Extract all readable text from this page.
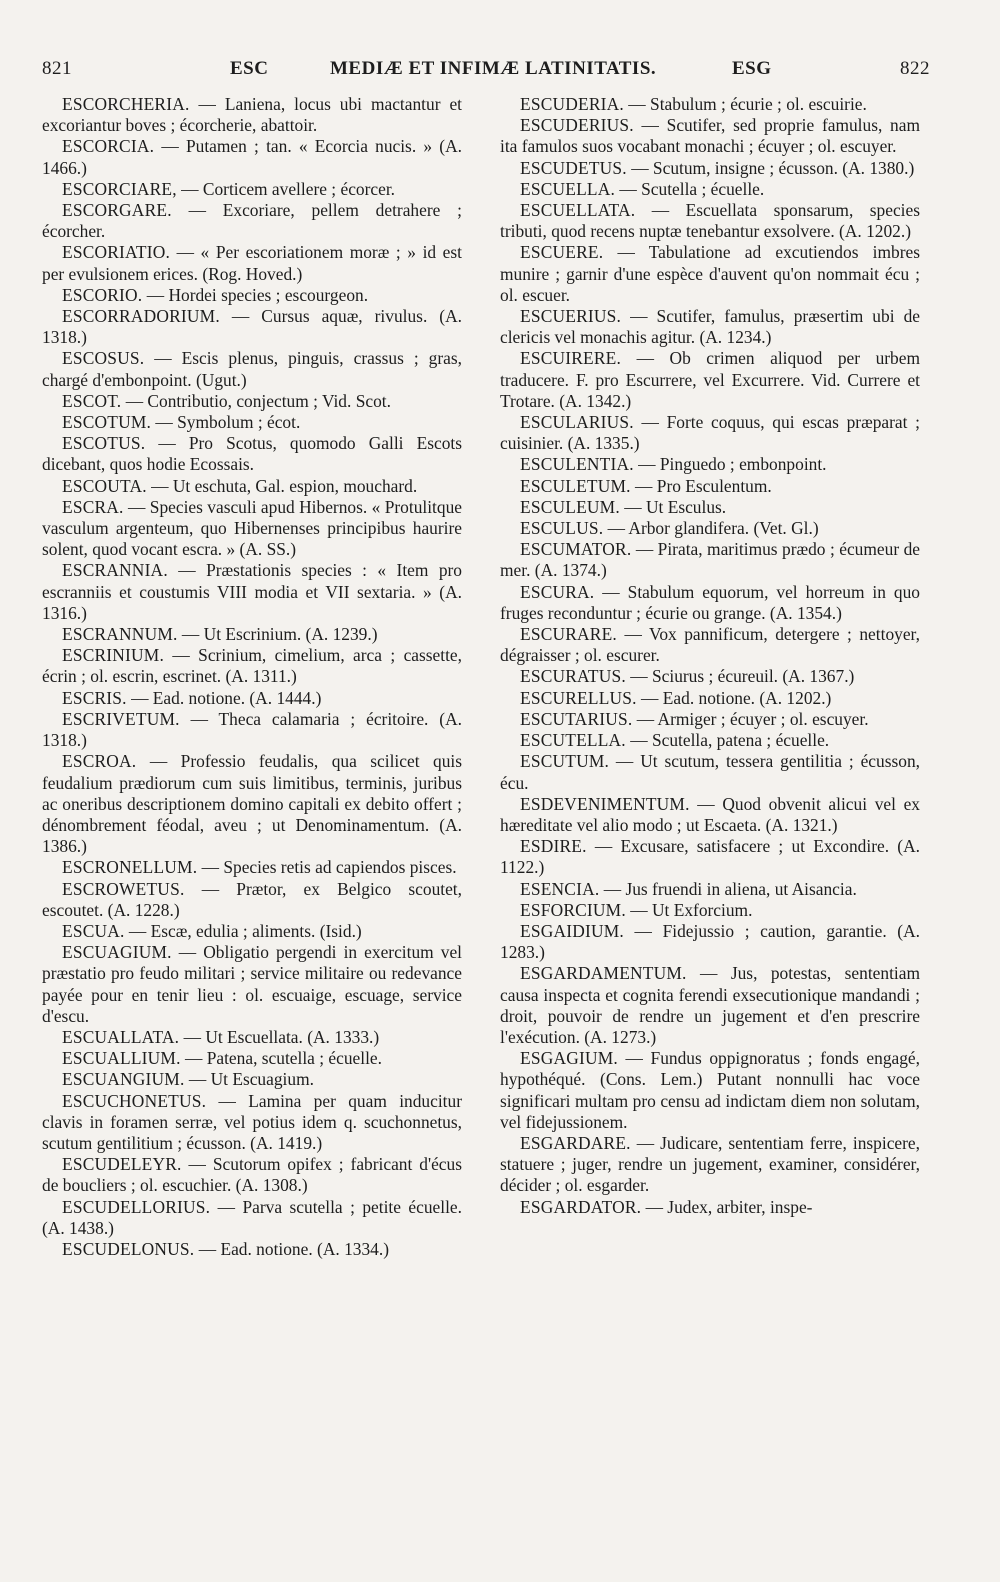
821	ESC	MEDIÆ ET INFIMÆ LATINITATIS.	ESG	822

ESCORCHERIA. — Laniena, locus ubi mactantur et excoriantur boves ; écorcherie, abattoir.

ESCORCIA. — Putamen ; tan. « Ecorcia nucis. » (A. 1466.)

ESCORCIARE, — Corticem avellere ; écorcer.

ESCORGARE. — Excoriare, pellem detrahere ; écorcher.

ESCORIATIO. — « Per escoriationem moræ ; » id est per evulsionem erices. (Rog. Hoved.)

ESCORIO. — Hordei species ; escourgeon.

ESCORRADORIUM. — Cursus aquæ, rivulus. (A. 1318.)

ESCOSUS. — Escis plenus, pinguis, crassus ; gras, chargé d'embonpoint. (Ugut.)

ESCOT. — Contributio, conjectum ; Vid. Scot.

ESCOTUM. — Symbolum ; écot.

ESCOTUS. — Pro Scotus, quomodo Galli Escots dicebant, quos hodie Ecossais.

ESCOUTA. — Ut eschuta, Gal. espion, mouchard.

ESCRA. — Species vasculi apud Hibernos. « Protulitque vasculum argenteum, quo Hibernenses principibus haurire solent, quod vocant escra. » (A. SS.)

ESCRANNIA. — Præstationis species : « Item pro escranniis et coustumis VIII modia et VII sextaria. » (A. 1316.)

ESCRANNUM. — Ut Escrinium. (A. 1239.)

ESCRINIUM. — Scrinium, cimelium, arca ; cassette, écrin ; ol. escrin, escrinet. (A. 1311.)

ESCRIS. — Ead. notione. (A. 1444.)

ESCRIVETUM. — Theca calamaria ; écritoire. (A. 1318.)

ESCROA. — Professio feudalis, qua scilicet quis feudalium prædiorum cum suis limitibus, terminis, juribus ac oneribus descriptionem domino capitali ex debito offert ; dénombrement féodal, aveu ; ut Denominamentum. (A. 1386.)

ESCRONELLUM. — Species retis ad capiendos pisces.

ESCROWETUS. — Prætor, ex Belgico scoutet, escoutet. (A. 1228.)

ESCUA. — Escæ, edulia ; aliments. (Isid.)

ESCUAGIUM. — Obligatio pergendi in exercitum vel præstatio pro feudo militari ; service militaire ou redevance payée pour en tenir lieu : ol. escuaige, escuage, service d'escu.

ESCUALLATA. — Ut Escuellata. (A. 1333.)

ESCUALLIUM. — Patena, scutella ; écuelle.

ESCUANGIUM. — Ut Escuagium.

ESCUCHONETUS. — Lamina per quam inducitur clavis in foramen serræ, vel potius idem q. scuchonnetus, scutum gentilitium ; écusson. (A. 1419.)

ESCUDELEYR. — Scutorum opifex ; fabricant d'écus de boucliers ; ol. escuchier. (A. 1308.)

ESCUDELLORIUS. — Parva scutella ; petite écuelle. (A. 1438.)

ESCUDELONUS. — Ead. notione. (A. 1334.)

ESCUDERIA. — Stabulum ; écurie ; ol. escuirie.

ESCUDERIUS. — Scutifer, sed proprie famulus, nam ita famulos suos vocabant monachi ; écuyer ; ol. escuyer.

ESCUDETUS. — Scutum, insigne ; écusson. (A. 1380.)

ESCUELLA. — Scutella ; écuelle.

ESCUELLATA. — Escuellata sponsarum, species tributi, quod recens nuptæ tenebantur exsolvere. (A. 1202.)

ESCUERE. — Tabulatione ad excutiendos imbres munire ; garnir d'une espèce d'auvent qu'on nommait écu ; ol. escuer.

ESCUERIUS. — Scutifer, famulus, præsertim ubi de clericis vel monachis agitur. (A. 1234.)

ESCUIRERE. — Ob crimen aliquod per urbem traducere. F. pro Escurrere, vel Excurrere. Vid. Currere et Trotare. (A. 1342.)

ESCULARIUS. — Forte coquus, qui escas præparat ; cuisinier. (A. 1335.)

ESCULENTIA. — Pinguedo ; embonpoint.

ESCULETUM. — Pro Esculentum.

ESCULEUM. — Ut Esculus.

ESCULUS. — Arbor glandifera. (Vet. Gl.)

ESCUMATOR. — Pirata, maritimus prædo ; écumeur de mer. (A. 1374.)

ESCURA. — Stabulum equorum, vel horreum in quo fruges reconduntur ; écurie ou grange. (A. 1354.)

ESCURARE. — Vox pannificum, detergere ; nettoyer, dégraisser ; ol. escurer.

ESCURATUS. — Sciurus ; écureuil. (A. 1367.)

ESCURELLUS. — Ead. notione. (A. 1202.)

ESCUTARIUS. — Armiger ; écuyer ; ol. escuyer.

ESCUTELLA. — Scutella, patena ; écuelle.

ESCUTUM. — Ut scutum, tessera gentilitia ; écusson, écu.

ESDEVENIMENTUM. — Quod obvenit alicui vel ex hæreditate vel alio modo ; ut Escaeta. (A. 1321.)

ESDIRE. — Excusare, satisfacere ; ut Excondire. (A. 1122.)

ESENCIA. — Jus fruendi in aliena, ut Aisancia.

ESFORCIUM. — Ut Exforcium.

ESGAIDIUM. — Fidejussio ; caution, garantie. (A. 1283.)

ESGARDAMENTUM. — Jus, potestas, sententiam causa inspecta et cognita ferendi exsecutionique mandandi ; droit, pouvoir de rendre un jugement et d'en prescrire l'exécution. (A. 1273.)

ESGAGIUM. — Fundus oppignoratus ; fonds engagé, hypothéqué. (Cons. Lem.) Putant nonnulli hac voce significari multam pro censu ad indictam diem non solutam, vel fidejussionem.

ESGARDARE. — Judicare, sententiam ferre, inspicere, statuere ; juger, rendre un jugement, examiner, considérer, décider ; ol. esgarder.

ESGARDATOR. — Judex, arbiter, inspe-
